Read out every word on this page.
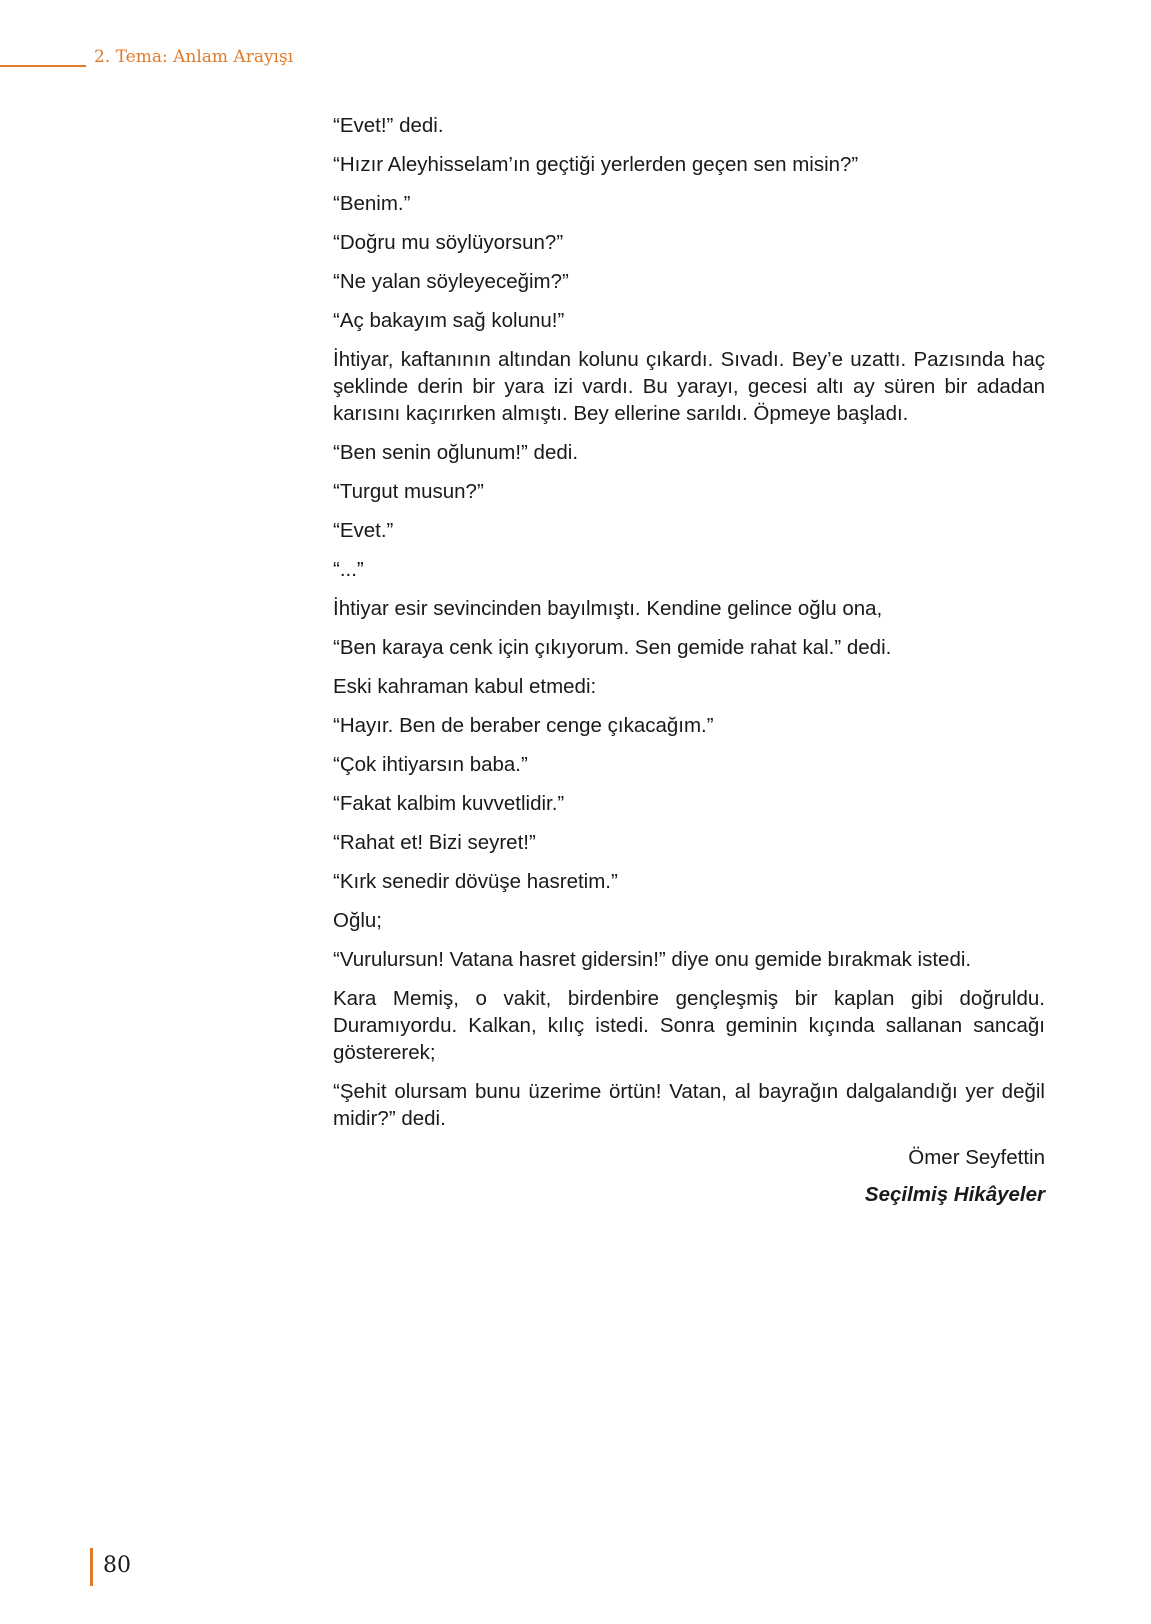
2. Tema: Anlam Arayışı

“Evet!” dedi.

“Hızır Aleyhisselam’ın geçtiği yerlerden geçen sen misin?”

“Benim.”

“Doğru mu söylüyorsun?”

“Ne yalan söyleyeceğim?”

“Aç bakayım sağ kolunu!”

İhtiyar, kaftanının altından kolunu çıkardı. Sıvadı. Bey’e uzattı. Pazısında haç şeklinde derin bir yara izi vardı. Bu yarayı, gecesi altı ay süren bir adadan karısını kaçırırken almıştı. Bey ellerine sarıldı. Öpmeye başladı.

“Ben senin oğlunum!” dedi.

“Turgut musun?”

“Evet.”

“...”

İhtiyar esir sevincinden bayılmıştı. Kendine gelince oğlu ona,

“Ben karaya cenk için çıkıyorum. Sen gemide rahat kal.” dedi.

Eski kahraman kabul etmedi:

“Hayır. Ben de beraber cenge çıkacağım.”

“Çok ihtiyarsın baba.”

“Fakat kalbim kuvvetlidir.”

“Rahat et! Bizi seyret!”

“Kırk senedir dövüşe hasretim.”

Oğlu;

“Vurulursun! Vatana hasret gidersin!” diye onu gemide bırakmak istedi.

Kara Memiş, o vakit, birdenbire gençleşmiş bir kaplan gibi doğruldu. Duramıyordu. Kalkan, kılıç istedi. Sonra geminin kıçında sallanan sancağı göstererek;

“Şehit olursam bunu üzerime örtün! Vatan, al bayrağın dalgalandığı yer değil midir?” dedi.

Ömer Seyfettin
Seçilmiş Hikâyeler
80
